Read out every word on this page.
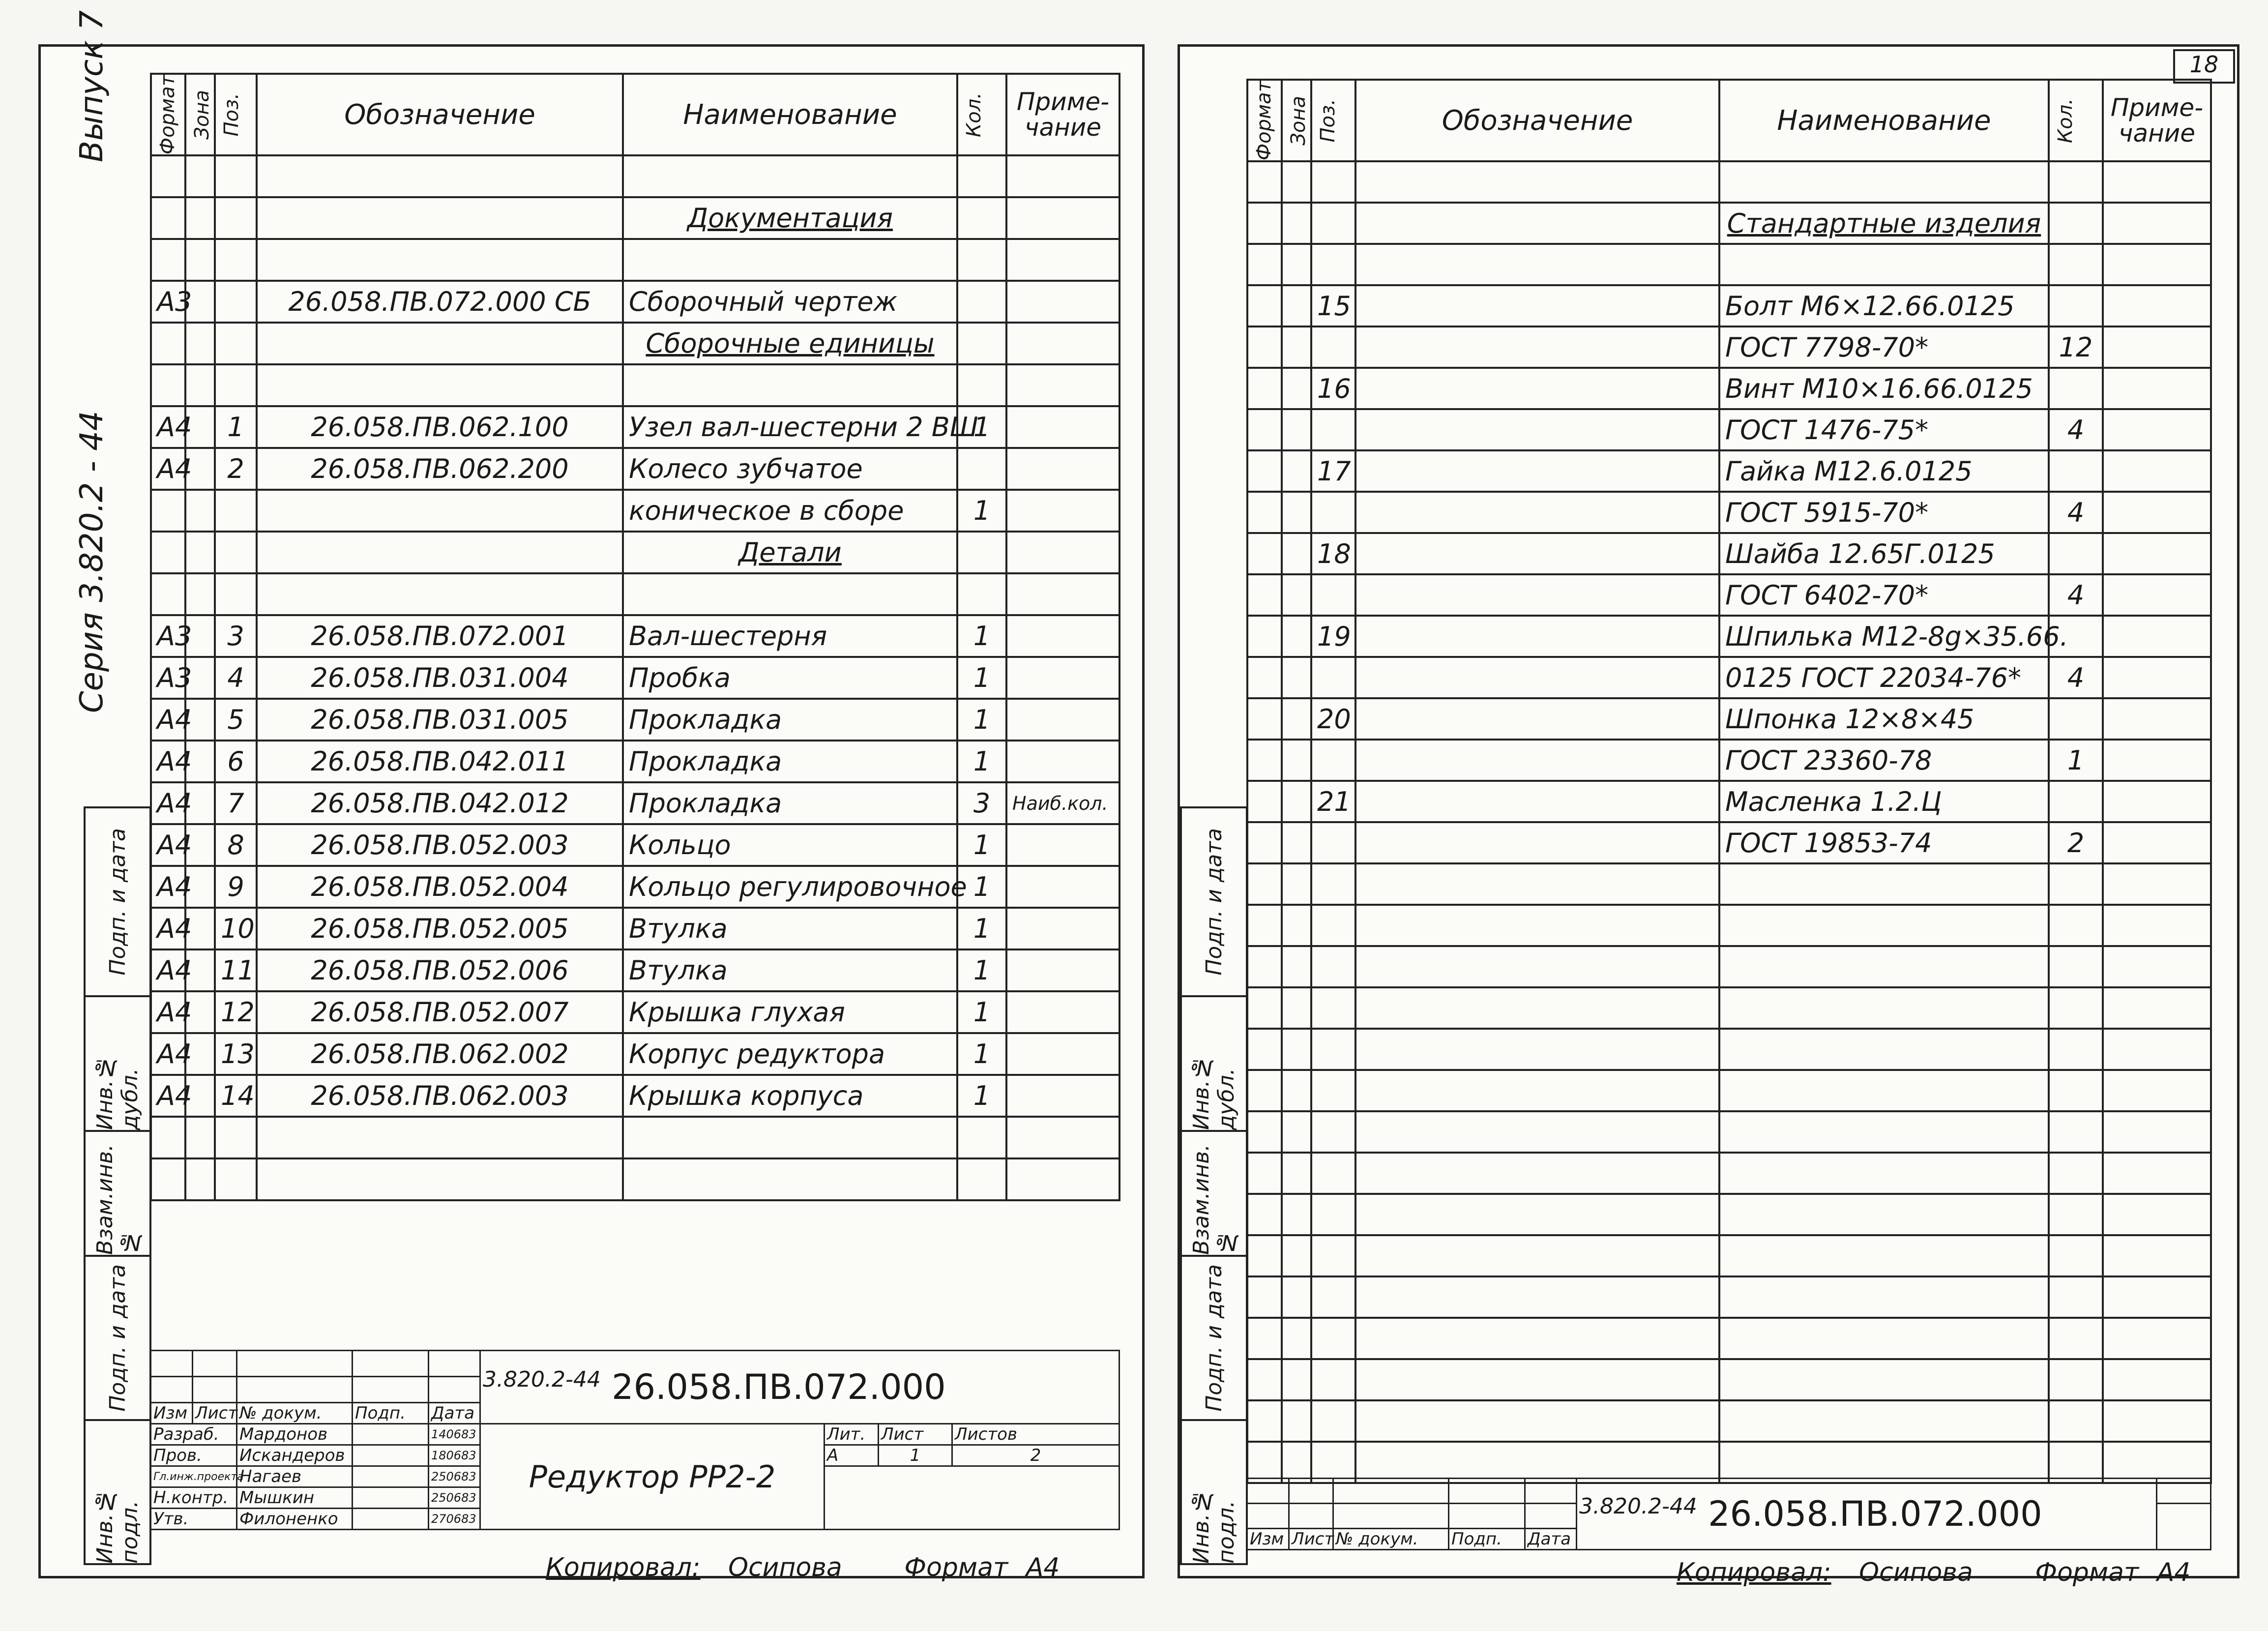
Выпуск 7
Серия 3.820.2 - 44
Подп. и дата
Инв.№ дубл.
Взам.инв.№
Подп. и дата
Инв.№ подл.
Формат	Зона	Поз.	Обозначение	Наименование	Кол.	Приме-
чание

				Документация		

А3			26.058.ПВ.072.000 СБ	Сборочный чертеж		
				Сборочные единицы		

А4		1	26.058.ПВ.062.100	Узел вал-шестерни 2 ВШ	1	
А4		2	26.058.ПВ.062.200	Колесо зубчатое		
				коническое в сборе	1	
				Детали		

А3		3	26.058.ПВ.072.001	Вал-шестерня	1	
А3		4	26.058.ПВ.031.004	Пробка	1	
А4		5	26.058.ПВ.031.005	Прокладка	1	
А4		6	26.058.ПВ.042.011	Прокладка	1	
А4		7	26.058.ПВ.042.012	Прокладка	3	Наиб.кол.
А4		8	26.058.ПВ.052.003	Кольцо	1	
А4		9	26.058.ПВ.052.004	Кольцо регулировочное	1	
А4		10	26.058.ПВ.052.005	Втулка	1	
А4		11	26.058.ПВ.052.006	Втулка	1	
А4		12	26.058.ПВ.052.007	Крышка глухая	1	
А4		13	26.058.ПВ.062.002	Корпус редуктора	1	
А4		14	26.058.ПВ.062.003	Крышка корпуса	1	

					$^{3.820.2-44}$ 26.058.ПВ.072.000			

Изм	Лист	№ докум.	Подп.	Дата				
Разраб.		Мардонов		140683	Редуктор РР2-2	Лит.	Лист	Листов
Пров.		Искандеров		180683		А	1	2
Гл.инж.проекта		Нагаев		250683				
Н.контр.		Мышкин		250683				
Утв.		Филоненко		270683				
Копировал: Осипова Формат А4
18
Подп. и дата
Инв.№ дубл.
Взам.инв.№
Подп. и дата
Инв.№ подл.
Формат	Зона	Поз.	Обозначение	Наименование	Кол.	Приме-
чание

				Стандартные изделия		

		15		Болт М6×12.66.0125		
				ГОСТ 7798-70*	12	
		16		Винт М10×16.66.0125		
				ГОСТ 1476-75*	4	
		17		Гайка М12.6.0125		
				ГОСТ 5915-70*	4	
		18		Шайба 12.65Г.0125		
				ГОСТ 6402-70*	4	
		19		Шпилька М12-8g×35.66.		
				0125 ГОСТ 22034-76*	4	
		20		Шпонка 12×8×45		
				ГОСТ 23360-78	1	
		21		Масленка 1.2.Ц		
				ГОСТ 19853-74	2	

					$^{3.820.2-44}$ 26.058.ПВ.072.000	

Изм	Лист	№ докум.	Подп.	Дата		
Копировал: Осипова Формат А4
